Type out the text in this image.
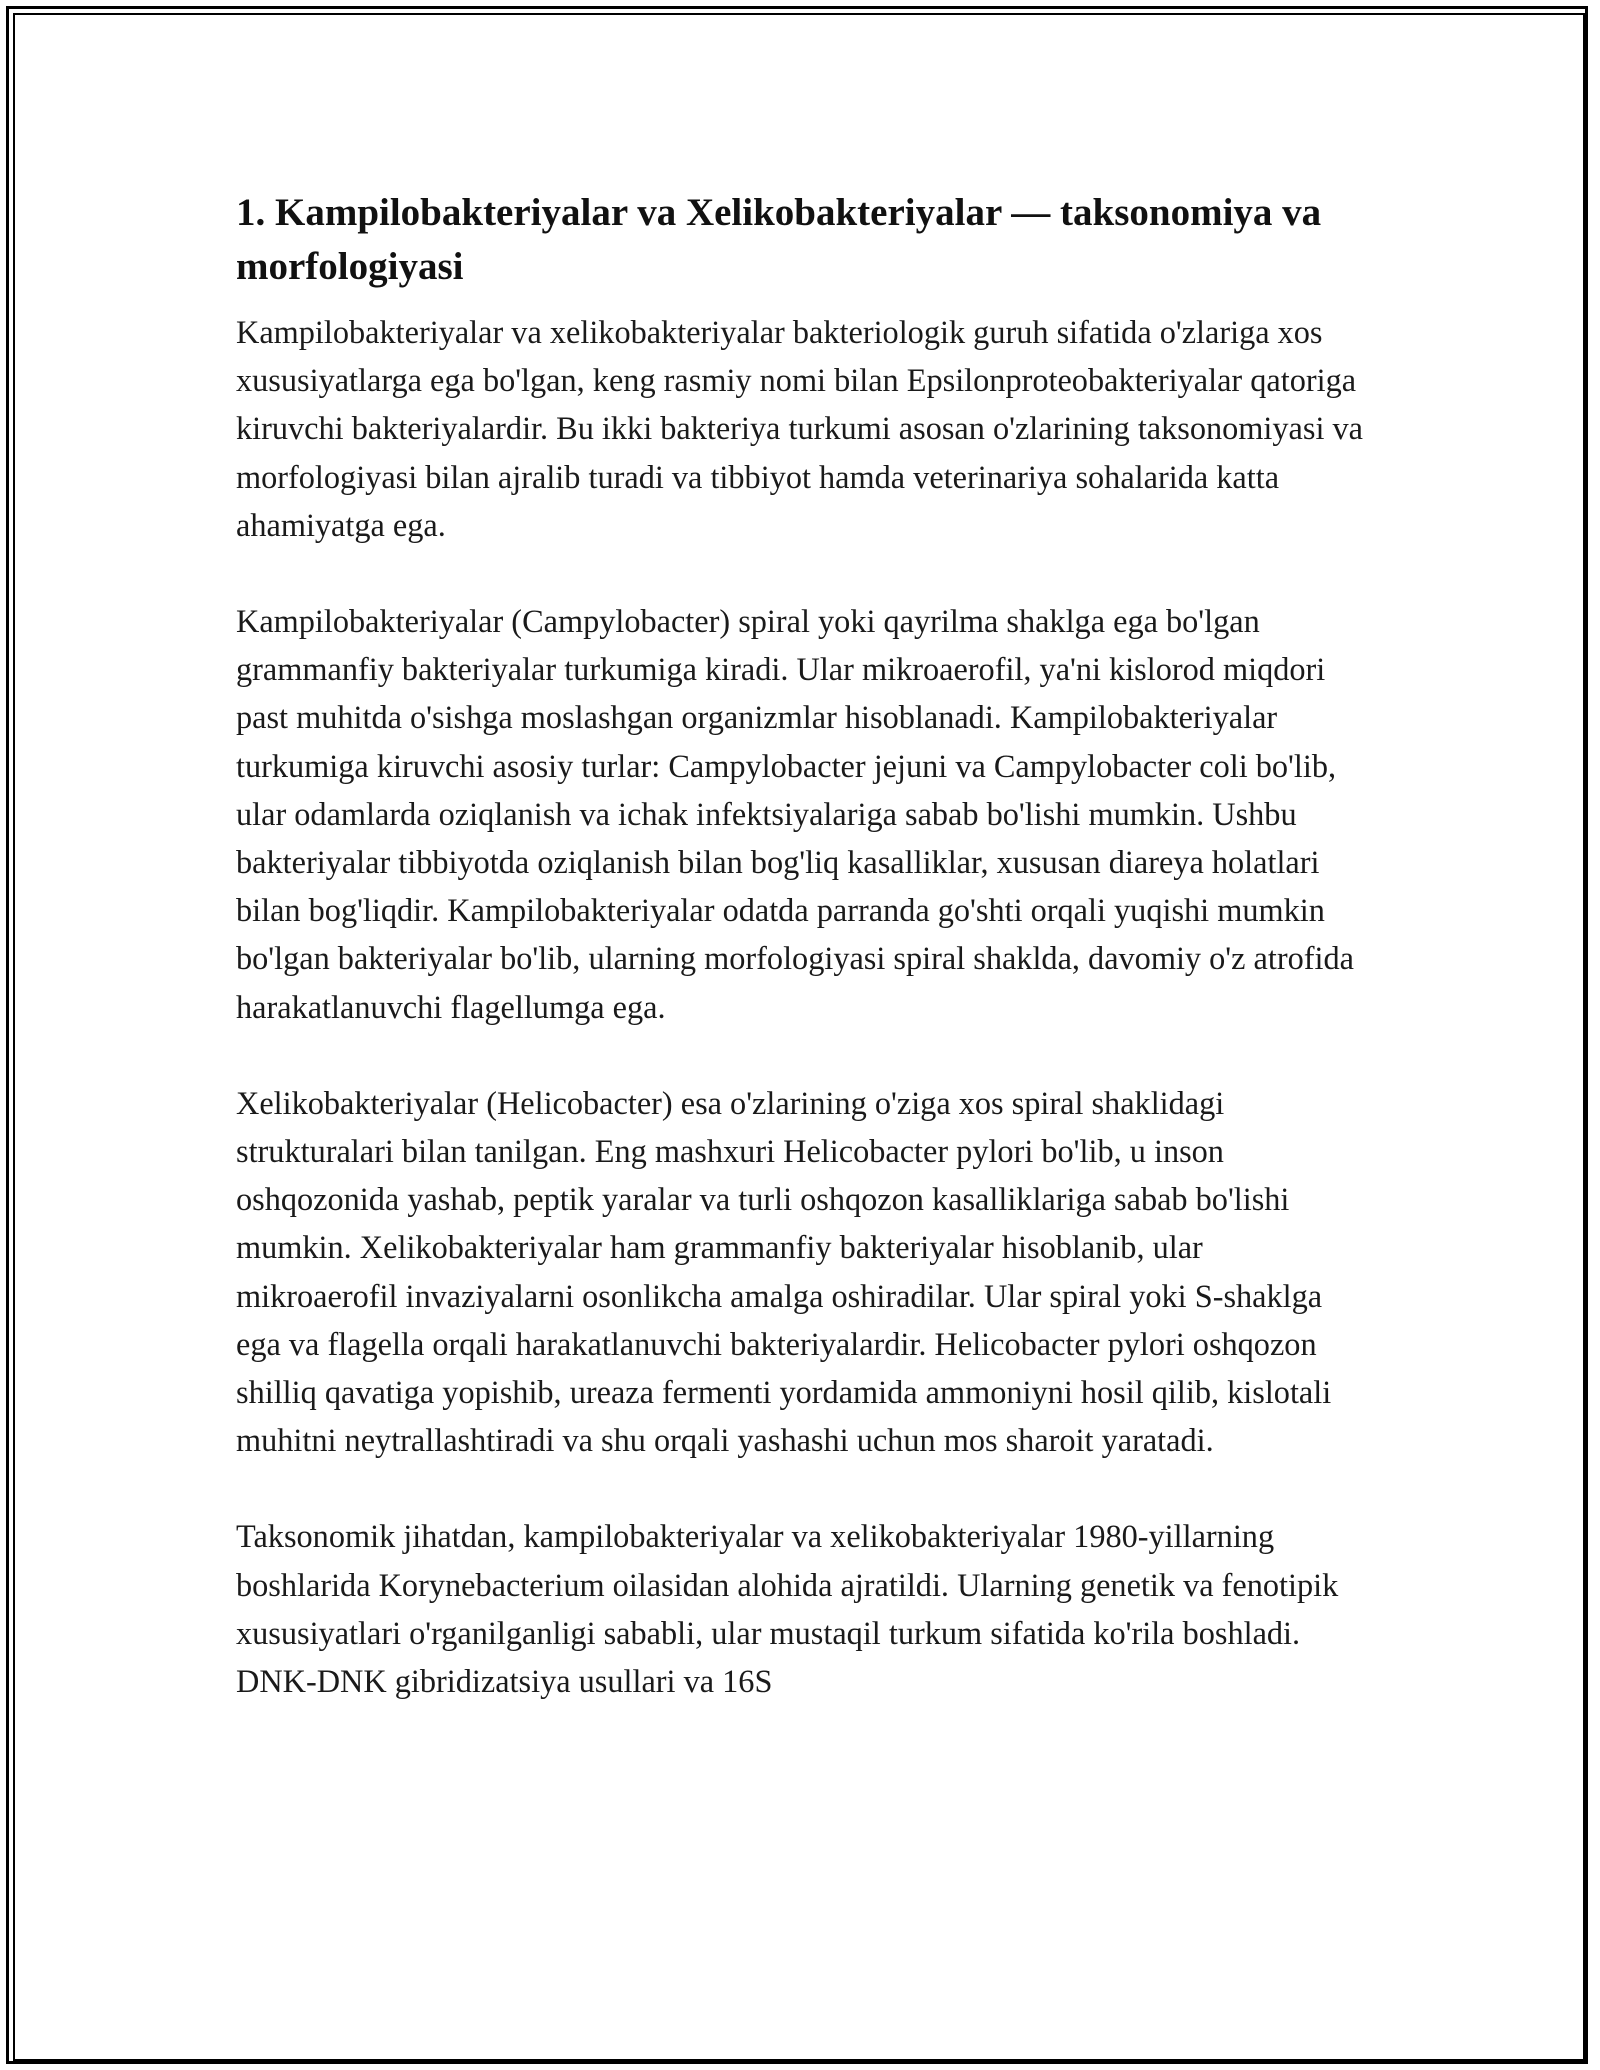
1. Kampilobakteriyalar va Xelikobakteriyalar — taksonomiya va morfologiyasi

Kampilobakteriyalar va xelikobakteriyalar bakteriologik guruh sifatida o'zlariga xos xususiyatlarga ega bo'lgan, keng rasmiy nomi bilan Epsilonproteobakteriyalar qatoriga kiruvchi bakteriyalardir. Bu ikki bakteriya turkumi asosan o'zlarining taksonomiyasi va morfologiyasi bilan ajralib turadi va tibbiyot hamda veterinariya sohalarida katta ahamiyatga ega.

Kampilobakteriyalar (Campylobacter) spiral yoki qayrilma shaklga ega bo'lgan grammanfiy bakteriyalar turkumiga kiradi. Ular mikroaerofil, ya'ni kislorod miqdori past muhitda o'sishga moslashgan organizmlar hisoblanadi. Kampilobakteriyalar turkumiga kiruvchi asosiy turlar: Campylobacter jejuni va Campylobacter coli bo'lib, ular odamlarda oziqlanish va ichak infektsiyalariga sabab bo'lishi mumkin. Ushbu bakteriyalar tibbiyotda oziqlanish bilan bog'liq kasalliklar, xususan diareya holatlari bilan bog'liqdir. Kampilobakteriyalar odatda parranda go'shti orqali yuqishi mumkin bo'lgan bakteriyalar bo'lib, ularning morfologiyasi spiral shaklda, davomiy o'z atrofida harakatlanuvchi flagellumga ega.

Xelikobakteriyalar (Helicobacter) esa o'zlarining o'ziga xos spiral shaklidagi strukturalari bilan tanilgan. Eng mashxuri Helicobacter pylori bo'lib, u inson oshqozonida yashab, peptik yaralar va turli oshqozon kasalliklariga sabab bo'lishi mumkin. Xelikobakteriyalar ham grammanfiy bakteriyalar hisoblanib, ular mikroaerofil invaziyalarni osonlikcha amalga oshiradilar. Ular spiral yoki S-shaklga ega va flagella orqali harakatlanuvchi bakteriyalardir. Helicobacter pylori oshqozon shilliq qavatiga yopishib, ureaza fermenti yordamida ammoniyni hosil qilib, kislotali muhitni neytrallashtiradi va shu orqali yashashi uchun mos sharoit yaratadi.

Taksonomik jihatdan, kampilobakteriyalar va xelikobakteriyalar 1980-yillarning boshlarida Korynebacterium oilasidan alohida ajratildi. Ularning genetik va fenotipik xususiyatlari o'rganilganligi sababli, ular mustaqil turkum sifatida ko'rila boshladi. DNK-DNK gibridizatsiya usullari va 16S
